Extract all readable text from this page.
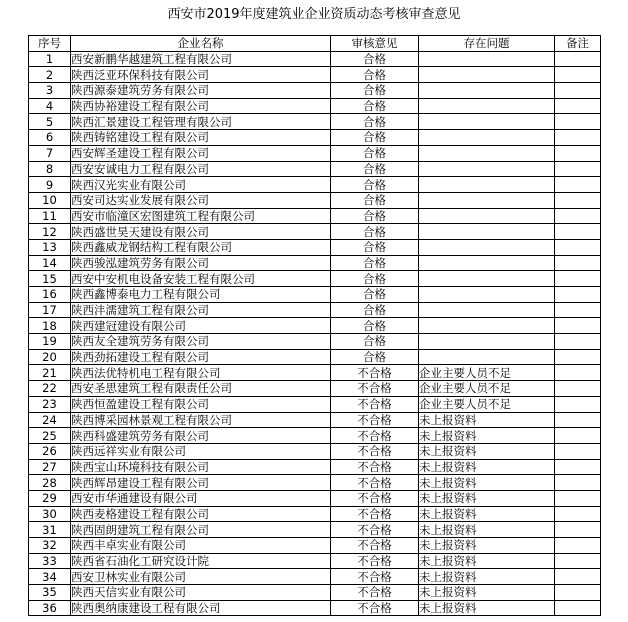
西安市2019年度建筑业企业资质动态考核审查意见
序号	企业名称	审核意见	存在问题	备注
1	西安新鹏华越建筑工程有限公司	合格		
2	陕西泛亚环保科技有限公司	合格		
3	陕西源泰建筑劳务有限公司	合格		
4	陕西协裕建设工程有限公司	合格		
5	陕西汇景建设工程管理有限公司	合格		
6	陕西铸铭建设工程有限公司	合格		
7	西安辉圣建设工程有限公司	合格		
8	西安安诚电力工程有限公司	合格		
9	陕西汉光实业有限公司	合格		
10	西安司达实业发展有限公司	合格		
11	西安市临潼区宏图建筑工程有限公司	合格		
12	陕西盛世昊天建设有限公司	合格		
13	陕西鑫威龙钢结构工程有限公司	合格		
14	陕西骏泓建筑劳务有限公司	合格		
15	西安中安机电设备安装工程有限公司	合格		
16	陕西鑫博泰电力工程有限公司	合格		
17	陕西沣濡建筑工程有限公司	合格		
18	陕西建冠建设有限公司	合格		
19	陕西友全建筑劳务有限公司	合格		
20	陕西劲拓建设工程有限公司	合格		
21	陕西法优特机电工程有限公司	不合格	企业主要人员不足	
22	西安圣思建筑工程有限责任公司	不合格	企业主要人员不足	
23	陕西恒盈建设工程有限公司	不合格	企业主要人员不足	
24	陕西博采园林景观工程有限公司	不合格	未上报资料	
25	陕西科盛建筑劳务有限公司	不合格	未上报资料	
26	陕西远祥实业有限公司	不合格	未上报资料	
27	陕西宝山环境科技有限公司	不合格	未上报资料	
28	陕西辉昂建设工程有限公司	不合格	未上报资料	
29	西安市华通建设有限公司	不合格	未上报资料	
30	陕西麦格建设工程有限公司	不合格	未上报资料	
31	陕西固朗建筑工程有限公司	不合格	未上报资料	
32	陕西丰卓实业有限公司	不合格	未上报资料	
33	陕西省石油化工研究设计院	不合格	未上报资料	
34	西安卫林实业有限公司	不合格	未上报资料	
35	陕西天信实业有限公司	不合格	未上报资料	
36	陕西奥纳康建设工程有限公司	不合格	未上报资料	
